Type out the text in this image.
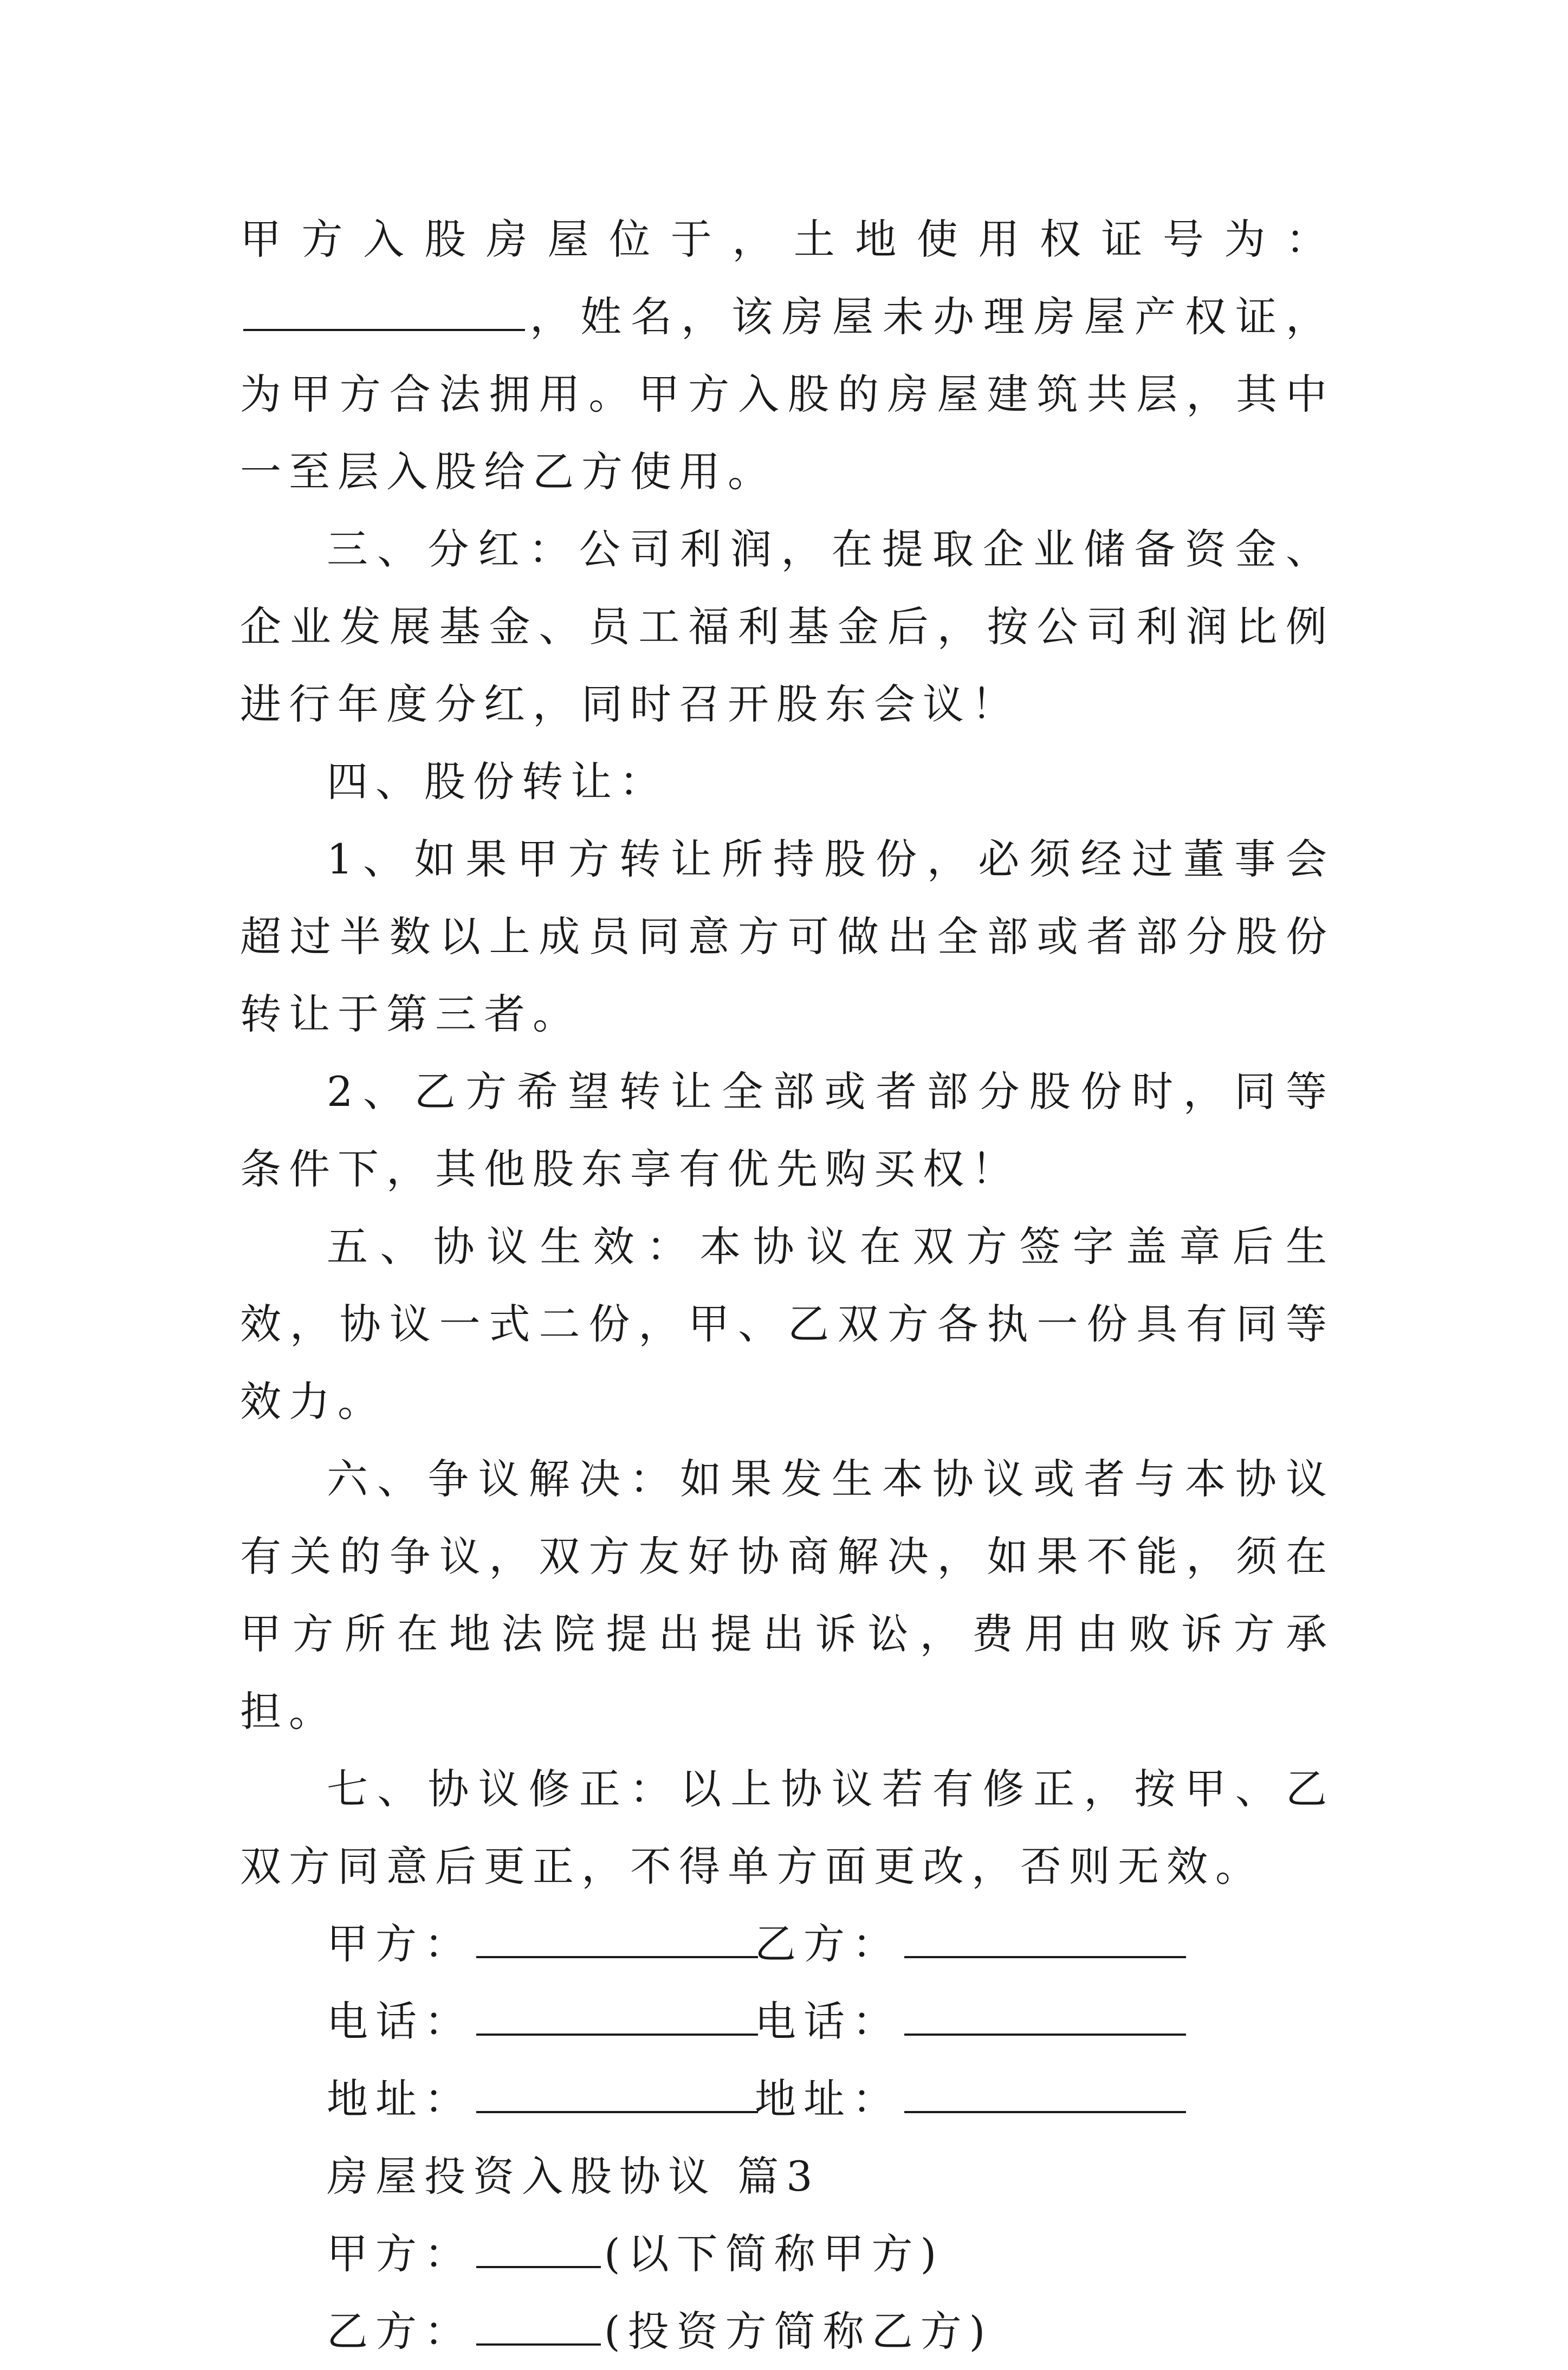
甲方入股房屋位于，土地使用权证号为：，姓名，该房屋未办理房屋产权证，为甲方合法拥用。甲方入股的房屋建筑共层，其中一至层入股给乙方使用。

三、分红：公司利润，在提取企业储备资金、企业发展基金、员工福利基金后，按公司利润比例进行年度分红，同时召开股东会议！

四、股份转让：

1、如果甲方转让所持股份，必须经过董事会超过半数以上成员同意方可做出全部或者部分股份转让于第三者。

2、乙方希望转让全部或者部分股份时，同等条件下，其他股东享有优先购买权！

五、协议生效：本协议在双方签字盖章后生效，协议一式二份，甲、乙双方各执一份具有同等效力。

六、争议解决：如果发生本协议或者与本协议有关的争议，双方友好协商解决，如果不能，须在甲方所在地法院提出提出诉讼，费用由败诉方承担。

七、协议修正：以上协议若有修正，按甲、乙双方同意后更正，不得单方面更改，否则无效。

甲方：	乙方：
电话：	电话：
地址：	地址：
房屋投资入股协议 篇3
甲方：	(以下简称甲方)
乙方：	(投资方简称乙方)
